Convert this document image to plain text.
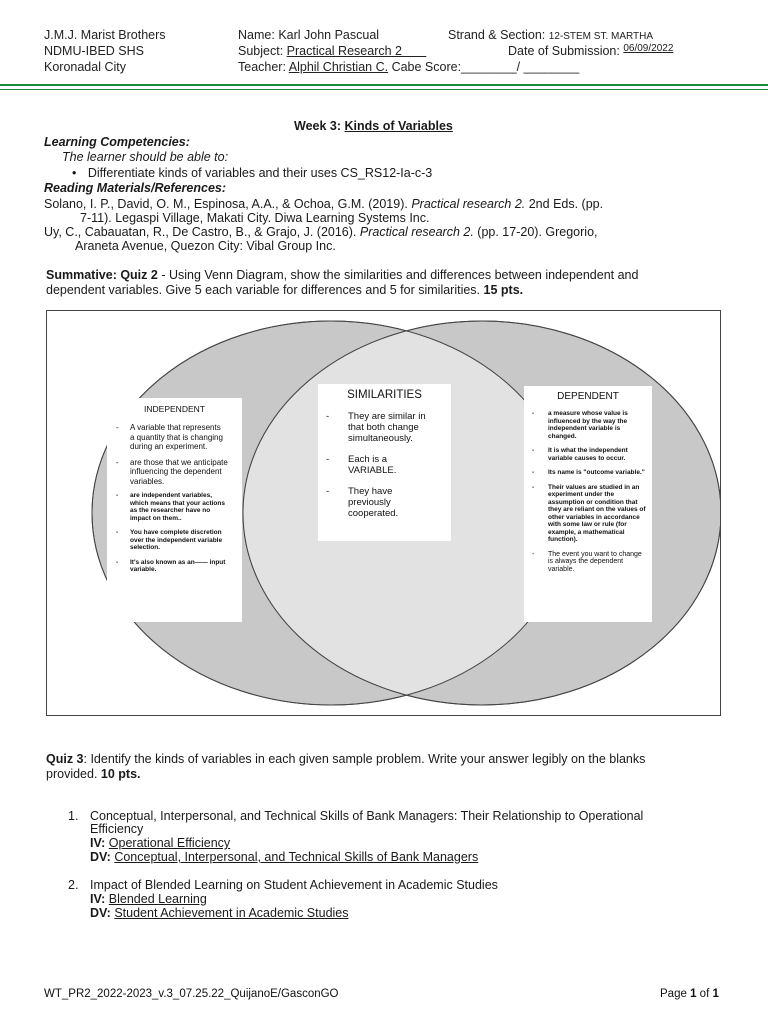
J.M.J. Marist Brothers
NDMU-IBED SHS
Koronadal City
Name: Karl John Pascual	Strand & Section: 12-STEM ST. MARTHA
Subject: Practical Research 2	Date of Submission: $^{06/09/2022}$
Teacher: Alphil Christian C. Cabe Score:________/ ________
Week 3: Kinds of Variables
Learning Competencies:
The learner should be able to:
• Differentiate kinds of variables and their uses CS_RS12-Ia-c-3
Reading Materials/References:
Solano, I. P., David, O. M., Espinosa, A.A., & Ochoa, G.M. (2019). Practical research 2. 2nd Eds. (pp.
7-11). Legaspi Village, Makati City. Diwa Learning Systems Inc.
Uy, C., Cabauatan, R., De Castro, B., & Grajo, J. (2016). Practical research 2. (pp. 17-20). Gregorio,
Araneta Avenue, Quezon City: Vibal Group Inc.
Summative: Quiz 2 - Using Venn Diagram, show the similarities and differences between independent and
dependent variables. Give 5 each variable for differences and 5 for similarities. 15 pts.
INDEPENDENT
- A variable that represents a quantity that is changing during an experiment.
- are those that we anticipate influencing the dependent variables.
- are independent variables, which means that your actions as the researcher have no impact on them..
- You have complete discretion over the independent variable selection.
- It's also known as an—— input variable.
SIMILARITIES
- They are similar in that both change simultaneously.
- Each is a VARIABLE.
- They have previously cooperated.
DEPENDENT
- a measure whose value is influenced by the way the independent variable is changed.
- It is what the independent variable causes to occur.
- Its name is "outcome variable."
- Their values are studied in an experiment under the assumption or condition that they are reliant on the values of other variables in accordance with some law or rule (for example, a mathematical function).
- The event you want to change is always the dependent variable.
Quiz 3: Identify the kinds of variables in each given sample problem. Write your answer legibly on the blanks
provided. 10 pts.
1. Conceptual, Interpersonal, and Technical Skills of Bank Managers: Their Relationship to Operational
Efficiency
IV: Operational Efficiency
DV: Conceptual, Interpersonal, and Technical Skills of Bank Managers
2. Impact of Blended Learning on Student Achievement in Academic Studies
IV: Blended Learning
DV: Student Achievement in Academic Studies
WT_PR2_2022-2023_v.3_07.25.22_QuijanoE/GasconGO	Page 1 of 1
